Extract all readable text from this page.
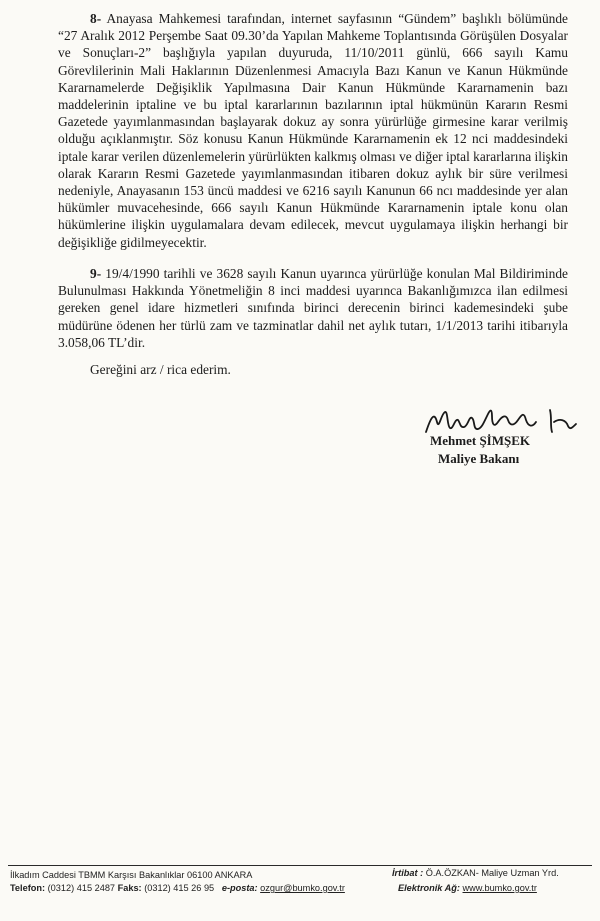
8- Anayasa Mahkemesi tarafından, internet sayfasının “Gündem” başlıklı bölümünde “27 Aralık 2012 Perşembe Saat 09.30’da Yapılan Mahkeme Toplantısında Görüşülen Dosyalar ve Sonuçları-2” başlığıyla yapılan duyuruda, 11/10/2011 günlü, 666 sayılı Kamu Görevlilerinin Mali Haklarının Düzenlenmesi Amacıyla Bazı Kanun ve Kanun Hükmünde Kararnamelerde Değişiklik Yapılmasına Dair Kanun Hükmünde Kararnamenin bazı maddelerinin iptaline ve bu iptal kararlarının bazılarının iptal hükmünün Kararın Resmi Gazetede yayımlanmasından başlayarak dokuz ay sonra yürürlüğe girmesine karar verilmiş olduğu açıklanmıştır. Söz konusu Kanun Hükmünde Kararnamenin ek 12 nci maddesindeki iptale karar verilen düzenlemelerin yürürlükten kalkmış olması ve diğer iptal kararlarına ilişkin olarak Kararın Resmi Gazetede yayımlanmasından itibaren dokuz aylık bir süre verilmesi nedeniyle, Anayasanın 153 üncü maddesi ve 6216 sayılı Kanunun 66 ncı maddesinde yer alan hükümler muvacehesinde, 666 sayılı Kanun Hükmünde Kararnamenin iptale konu olan hükümlerine ilişkin uygulamalara devam edilecek, mevcut uygulamaya ilişkin herhangi bir değişikliğe gidilmeyecektir.

9- 19/4/1990 tarihli ve 3628 sayılı Kanun uyarınca yürürlüğe konulan Mal Bildiriminde Bulunulması Hakkında Yönetmeliğin 8 inci maddesi uyarınca Bakanlığımızca ilan edilmesi gereken genel idare hizmetleri sınıfında birinci derecenin birinci kademesindeki şube müdürüne ödenen her türlü zam ve tazminatlar dahil net aylık tutarı, 1/1/2013 tarihi itibarıyla 3.058,06 TL’dir.

Gereğini arz / rica ederim.
Mehmet ŞİMŞEK
Maliye Bakanı
İlkadım Caddesi TBMM Karşısı Bakanlıklar 06100 ANKARA
Telefon: (0312) 415 2487 Faks: (0312) 415 26 95 e-posta: ozgur@bumko.gov.tr
İrtibat : Ö.A.ÖZKAN- Maliye Uzman Yrd.
Elektronik Ağ: www.bumko.gov.tr
